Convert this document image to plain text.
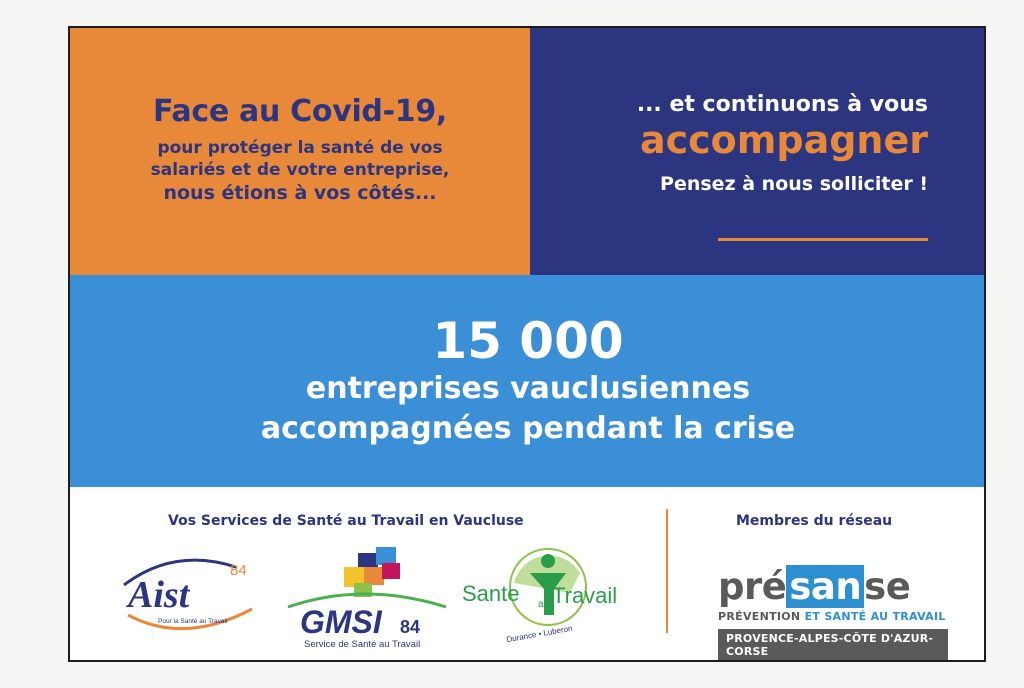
Face au Covid-19,
pour protéger la santé de vos
salariés et de votre entreprise,
nous étions à vos côtés...
... et continuons à vous
accompagner
Pensez à nous solliciter !
15 000
entreprises vauclusiennes
accompagnées pendant la crise
Vos Services de Santé au Travail en Vaucluse	Membres du réseau
Aist
84
Pour la Santé au Travail GMSI 84
Service de Santé au Travail
Sante au Travail
Durance • Luberon
présanse
PRÉVENTION ET SANTÉ AU TRAVAIL
PROVENCE-ALPES-CÔTE D'AZUR-CORSE
